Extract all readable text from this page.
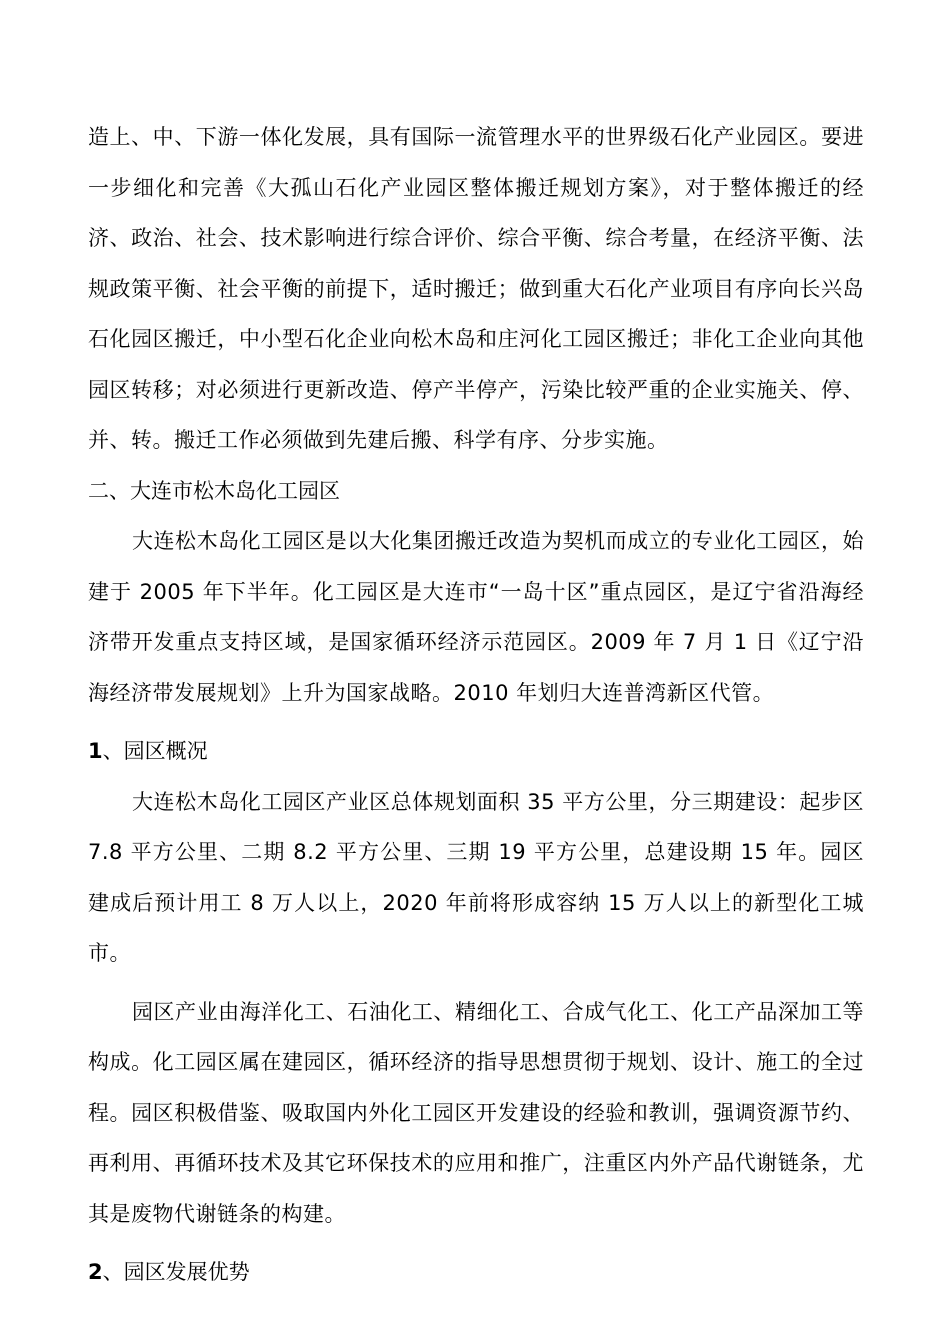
造上、中、下游一体化发展，具有国际一流管理水平的世界级石化产业园区。要进一步细化和完善《大孤山石化产业园区整体搬迁规划方案》，对于整体搬迁的经济、政治、社会、技术影响进行综合评价、综合平衡、综合考量，在经济平衡、法规政策平衡、社会平衡的前提下，适时搬迁；做到重大石化产业项目有序向长兴岛石化园区搬迁，中小型石化企业向松木岛和庄河化工园区搬迁；非化工企业向其他园区转移；对必须进行更新改造、停产半停产，污染比较严重的企业实施关、停、并、转。搬迁工作必须做到先建后搬、科学有序、分步实施。

二、大连市松木岛化工园区

大连松木岛化工园区是以大化集团搬迁改造为契机而成立的专业化工园区，始建于 2005 年下半年。化工园区是大连市“一岛十区”重点园区，是辽宁省沿海经济带开发重点支持区域，是国家循环经济示范园区。2009 年 7 月 1 日《辽宁沿海经济带发展规划》上升为国家战略。2010 年划归大连普湾新区代管。

1、园区概况

大连松木岛化工园区产业区总体规划面积 35 平方公里，分三期建设：起步区 7.8 平方公里、二期 8.2 平方公里、三期 19 平方公里，总建设期 15 年。园区建成后预计用工 8 万人以上，2020 年前将形成容纳 15 万人以上的新型化工城市。

园区产业由海洋化工、石油化工、精细化工、合成气化工、化工产品深加工等构成。化工园区属在建园区，循环经济的指导思想贯彻于规划、设计、施工的全过程。园区积极借鉴、吸取国内外化工园区开发建设的经验和教训，强调资源节约、再利用、再循环技术及其它环保技术的应用和推广，注重区内外产品代谢链条，尤其是废物代谢链条的构建。

2、园区发展优势
